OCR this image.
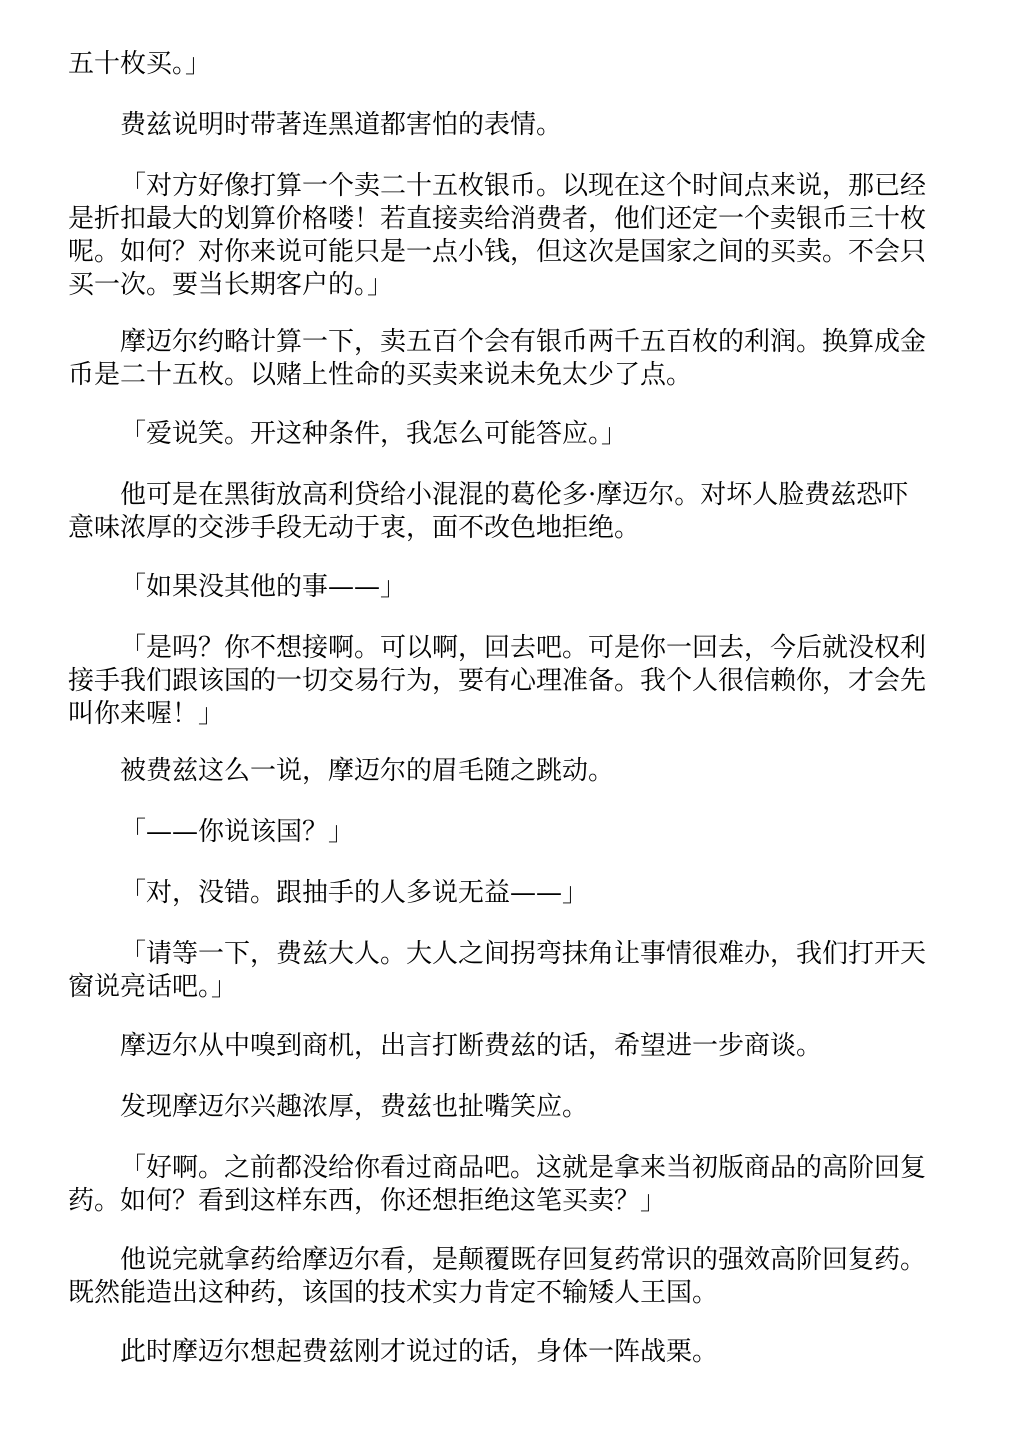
五十枚买。」
费兹说明时带著连黑道都害怕的表情。
「对方好像打算一个卖二十五枚银币。以现在这个时间点来说，那已经
是折扣最大的划算价格喽！若直接卖给消费者，他们还定一个卖银币三十枚
呢。如何？对你来说可能只是一点小钱，但这次是国家之间的买卖。不会只
买一次。要当长期客户的。」
摩迈尔约略计算一下，卖五百个会有银币两千五百枚的利润。换算成金
币是二十五枚。以赌上性命的买卖来说未免太少了点。
「爱说笑。开这种条件，我怎么可能答应。」
他可是在黑街放高利贷给小混混的葛伦多·摩迈尔。对坏人脸费兹恐吓
意味浓厚的交涉手段无动于衷，面不改色地拒绝。
「如果没其他的事——」
「是吗？你不想接啊。可以啊，回去吧。可是你一回去，今后就没权利
接手我们跟该国的一切交易行为，要有心理准备。我个人很信赖你，才会先
叫你来喔！」
被费兹这么一说，摩迈尔的眉毛随之跳动。
「——你说该国？」
「对，没错。跟抽手的人多说无益——」
「请等一下，费兹大人。大人之间拐弯抹角让事情很难办，我们打开天
窗说亮话吧。」
摩迈尔从中嗅到商机，出言打断费兹的话，希望进一步商谈。
发现摩迈尔兴趣浓厚，费兹也扯嘴笑应。
「好啊。之前都没给你看过商品吧。这就是拿来当初版商品的高阶回复
药。如何？看到这样东西，你还想拒绝这笔买卖？」
他说完就拿药给摩迈尔看，是颠覆既存回复药常识的强效高阶回复药。
既然能造出这种药，该国的技术实力肯定不输矮人王国。
此时摩迈尔想起费兹刚才说过的话，身体一阵战栗。
